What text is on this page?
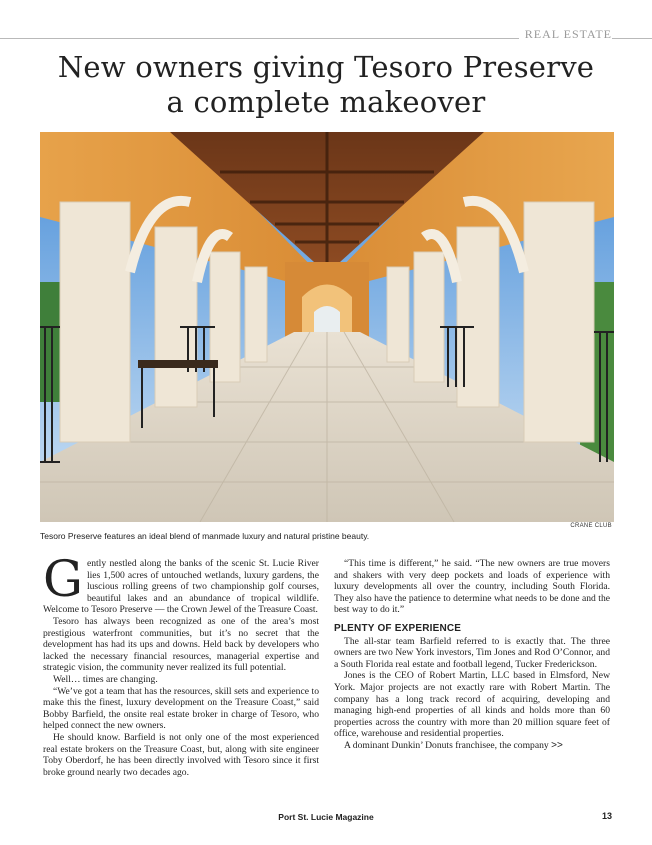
REAL ESTATE
New owners giving Tesoro Preserve
a complete makeover
CRANE CLUB
Tesoro Preserve features an ideal blend of manmade luxury and natural pristine beauty.

Gently nestled along the banks of the scenic St. Lucie River lies 1,500 acres of untouched wetlands, luxury gardens, the luscious rolling greens of two championship golf courses, beautiful lakes and an abundance of tropical wildlife. Welcome to Tesoro Preserve — the Crown Jewel of the Treasure Coast.

Tesoro has always been recognized as one of the area’s most prestigious waterfront communities, but it’s no secret that the development has had its ups and downs. Held back by developers who lacked the necessary financial resources, managerial expertise and strategic vision, the community never realized its full potential.

Well… times are changing.

“We’ve got a team that has the resources, skill sets and experience to make this the finest, luxury development on the Treasure Coast,” said Bobby Barfield, the onsite real estate broker in charge of Tesoro, who helped connect the new owners.

He should know. Barfield is not only one of the most experienced real estate brokers on the Treasure Coast, but, along with site engineer Toby Oberdorf, he has been directly involved with Tesoro since it first broke ground nearly two decades ago.

“This time is different,” he said. “The new owners are true movers and shakers with very deep pockets and loads of experience with luxury developments all over the country, including South Florida. They also have the patience to determine what needs to be done and the best way to do it.”

PLENTY OF EXPERIENCE

The all-star team Barfield referred to is exactly that. The three owners are two New York investors, Tim Jones and Rod O’Connor, and a South Florida real estate and football legend, Tucker Frederickson.

Jones is the CEO of Robert Martin, LLC based in Elmsford, New York. Major projects are not exactly rare with Robert Martin. The company has a long track record of acquiring, developing and managing high-end properties of all kinds and holds more than 60 properties across the country with more than 20 million square feet of office, warehouse and residential properties.

A dominant Dunkin’ Donuts franchisee, the company >>

Port St. Lucie Magazine	13
